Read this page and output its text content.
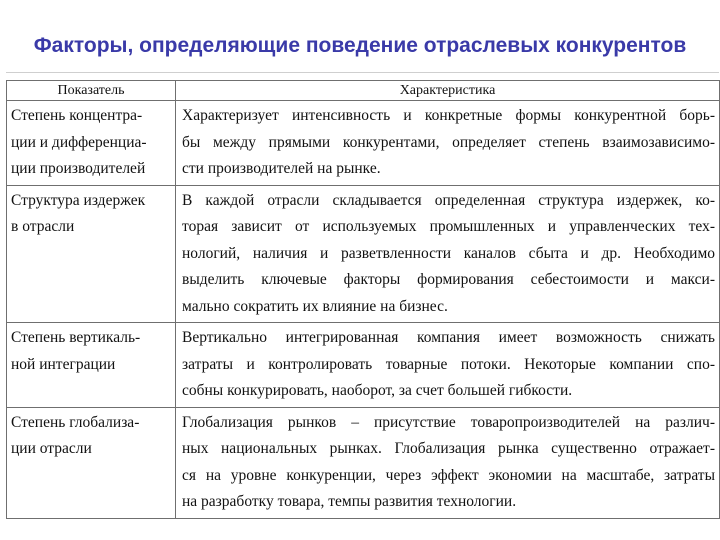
Факторы, определяющие поведение отраслевых конкурентов
Показатель	Характеристика

Степень концентра-
ции и дифференциа-
ции производителей	Характеризует интенсивность и конкретные формы конкурентной борь-
бы между прямыми конкурентами, определяет степень взаимозависимо-
сти производителей на рынке.

Структура издержек
в отрасли	В каждой отрасли складывается определенная структура издержек, ко-
торая зависит от используемых промышленных и управленческих тех-
нологий, наличия и разветвленности каналов сбыта и др. Необходимо
выделить ключевые факторы формирования себестоимости и макси-
мально сократить их влияние на бизнес.

Степень вертикаль-
ной интеграции	Вертикально интегрированная компания имеет возможность снижать
затраты и контролировать товарные потоки. Некоторые компании спо-
собны конкурировать, наоборот, за счет большей гибкости.

Степень глобализа-
ции отрасли	Глобализация рынков – присутствие товаропроизводителей на различ-
ных национальных рынках. Глобализация рынка существенно отражает-
ся на уровне конкуренции, через эффект экономии на масштабе, затраты
на разработку товара, темпы развития технологии.
